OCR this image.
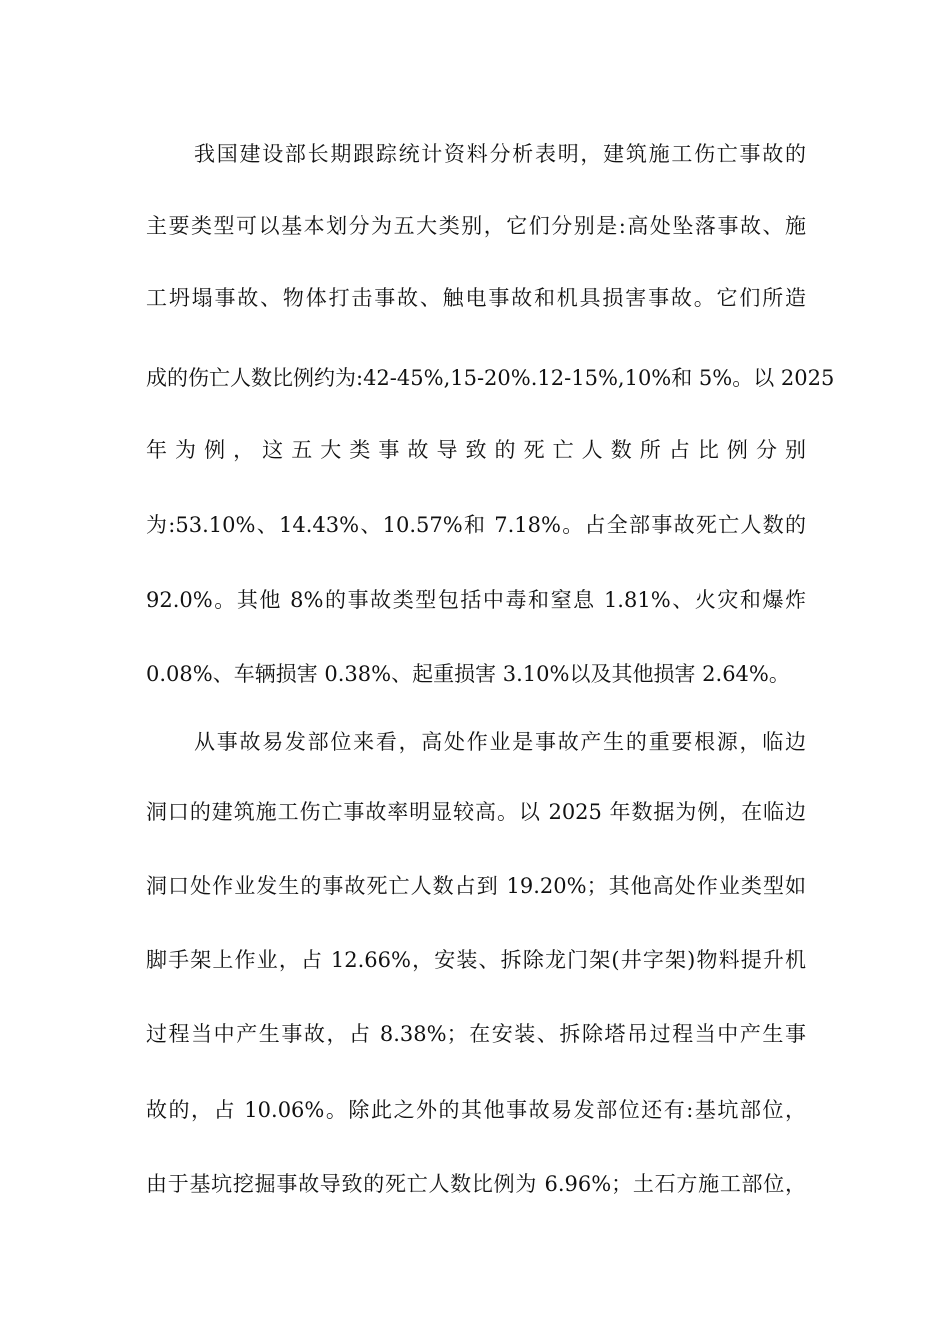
我国建设部长期跟踪统计资料分析表明，建筑施工伤亡事故的
主要类型可以基本划分为五大类别，它们分别是:高处坠落事故、施
工坍塌事故、物体打击事故、触电事故和机具损害事故。它们所造
成的伤亡人数比例约为:42-45%,15-20%.12-15%,10%和 5%。以 2025
年 为 例 ， 这 五 大 类 事 故 导 致 的 死 亡 人 数 所 占 比 例 分 别
为:53.10%、14.43%、10.57%和 7.18%。占全部事故死亡人数的
92.0%。其他 8%的事故类型包括中毒和窒息 1.81%、火灾和爆炸
0.08%、车辆损害 0.38%、起重损害 3.10%以及其他损害 2.64%。
从事故易发部位来看，高处作业是事故产生的重要根源，临边
洞口的建筑施工伤亡事故率明显较高。以 2025 年数据为例，在临边
洞口处作业发生的事故死亡人数占到 19.20%；其他高处作业类型如
脚手架上作业，占 12.66%，安装、拆除龙门架(井字架)物料提升机
过程当中产生事故，占 8.38%；在安装、拆除塔吊过程当中产生事
故的，占 10.06%。除此之外的其他事故易发部位还有:基坑部位，
由于基坑挖掘事故导致的死亡人数比例为 6.96%；土石方施工部位，
